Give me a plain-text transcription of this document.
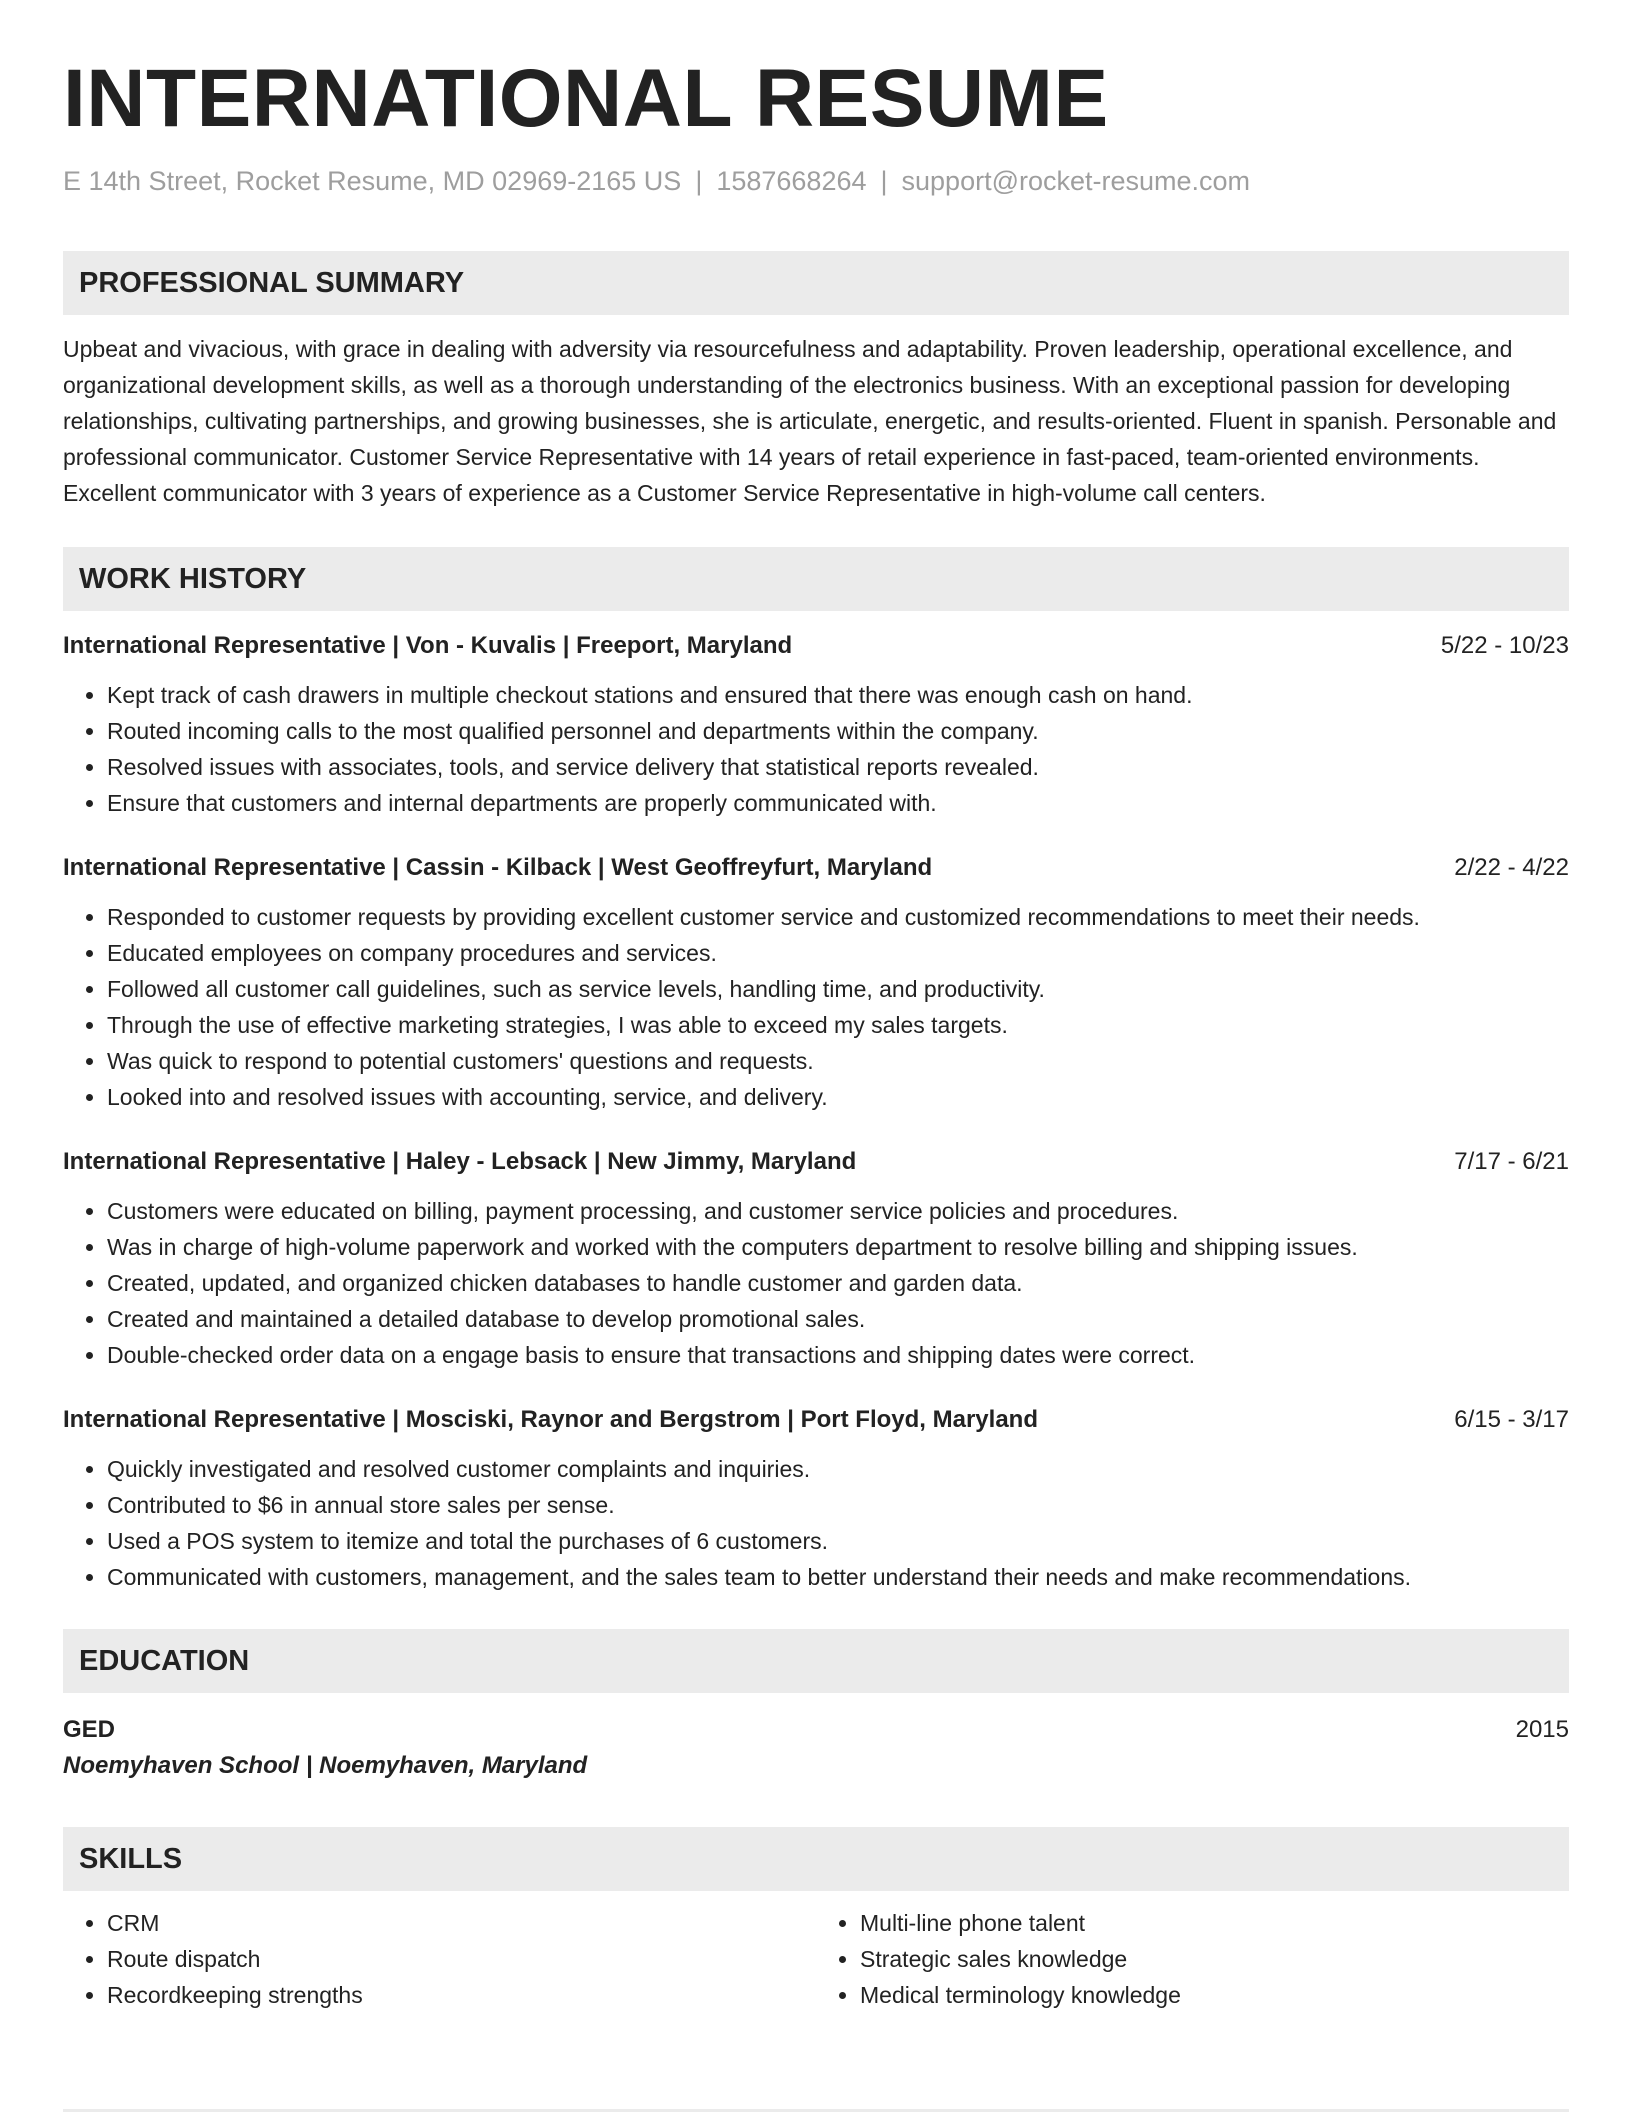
INTERNATIONAL RESUME
E 14th Street, Rocket Resume, MD 02969-2165 US | 1587668264 | support@rocket-resume.com
PROFESSIONAL SUMMARY
Upbeat and vivacious, with grace in dealing with adversity via resourcefulness and adaptability. Proven leadership, operational excellence, and organizational development skills, as well as a thorough understanding of the electronics business. With an exceptional passion for developing relationships, cultivating partnerships, and growing businesses, she is articulate, energetic, and results-oriented. Fluent in spanish. Personable and professional communicator. Customer Service Representative with 14 years of retail experience in fast-paced, team-oriented environments. Excellent communicator with 3 years of experience as a Customer Service Representative in high-volume call centers.
WORK HISTORY
International Representative | Von - Kuvalis | Freeport, Maryland	5/22 - 10/23
• Kept track of cash drawers in multiple checkout stations and ensured that there was enough cash on hand.
• Routed incoming calls to the most qualified personnel and departments within the company.
• Resolved issues with associates, tools, and service delivery that statistical reports revealed.
• Ensure that customers and internal departments are properly communicated with.
International Representative | Cassin - Kilback | West Geoffreyfurt, Maryland	2/22 - 4/22
• Responded to customer requests by providing excellent customer service and customized recommendations to meet their needs.
• Educated employees on company procedures and services.
• Followed all customer call guidelines, such as service levels, handling time, and productivity.
• Through the use of effective marketing strategies, I was able to exceed my sales targets.
• Was quick to respond to potential customers' questions and requests.
• Looked into and resolved issues with accounting, service, and delivery.
International Representative | Haley - Lebsack | New Jimmy, Maryland	7/17 - 6/21
• Customers were educated on billing, payment processing, and customer service policies and procedures.
• Was in charge of high-volume paperwork and worked with the computers department to resolve billing and shipping issues.
• Created, updated, and organized chicken databases to handle customer and garden data.
• Created and maintained a detailed database to develop promotional sales.
• Double-checked order data on a engage basis to ensure that transactions and shipping dates were correct.
International Representative | Mosciski, Raynor and Bergstrom | Port Floyd, Maryland	6/15 - 3/17
• Quickly investigated and resolved customer complaints and inquiries.
• Contributed to $6 in annual store sales per sense.
• Used a POS system to itemize and total the purchases of 6 customers.
• Communicated with customers, management, and the sales team to better understand their needs and make recommendations.
EDUCATION
GED	2015
Noemyhaven School | Noemyhaven, Maryland
SKILLS
• CRM
• Route dispatch
• Recordkeeping strengths
• Multi-line phone talent
• Strategic sales knowledge
• Medical terminology knowledge
